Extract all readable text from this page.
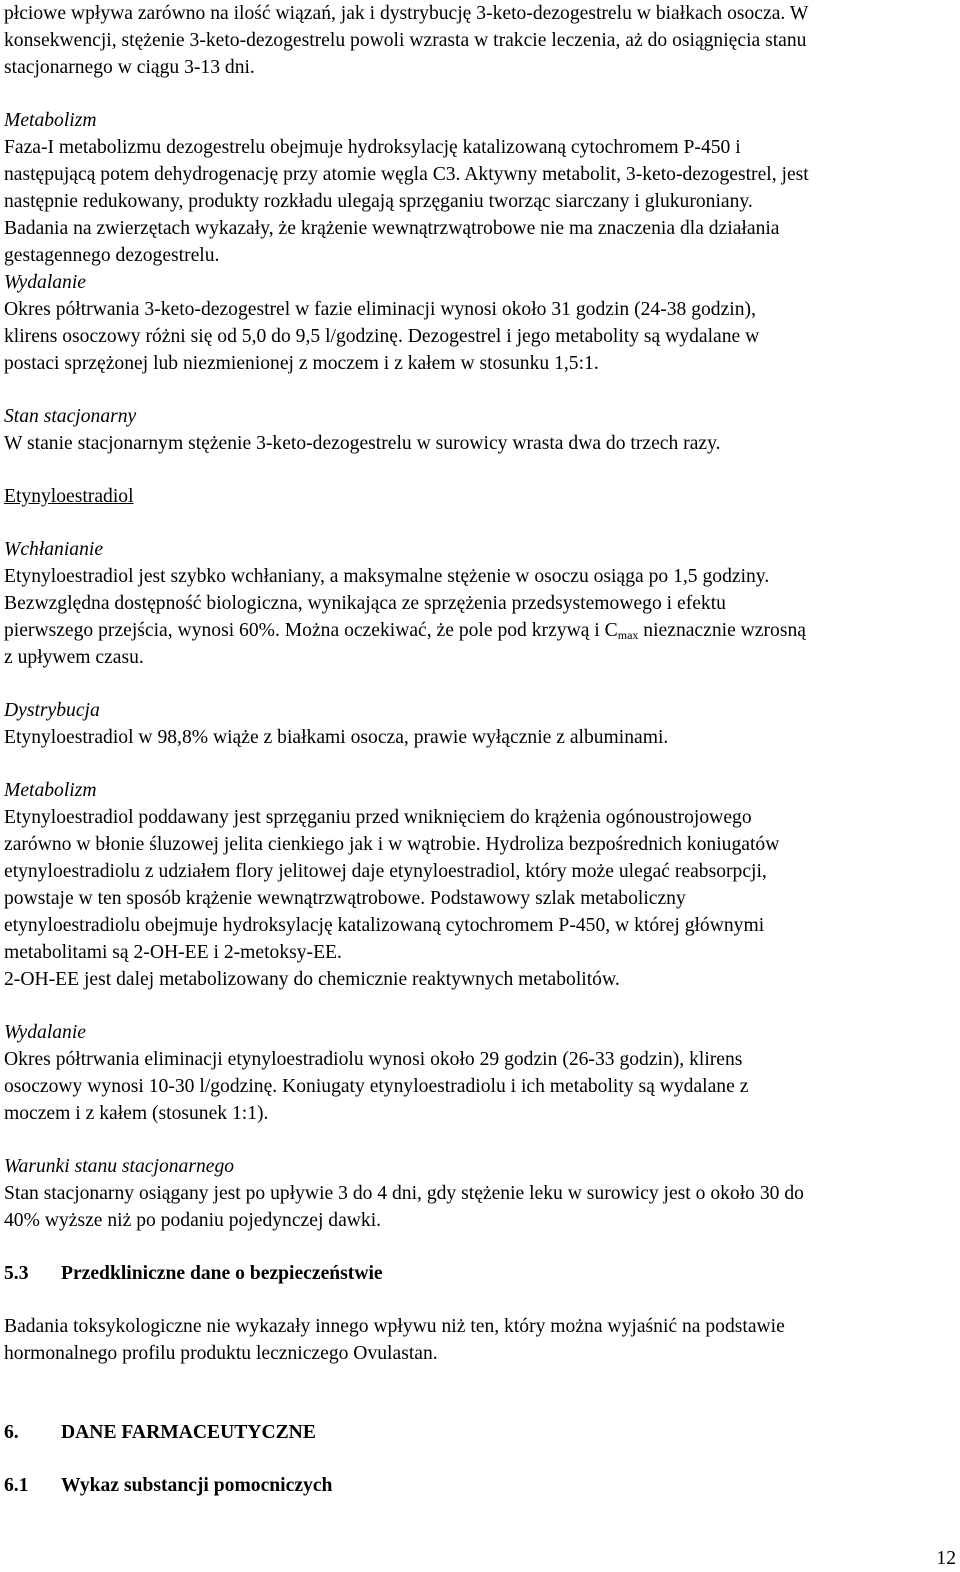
płciowe wpływa zarówno na ilość wiązań, jak i dystrybucję 3-keto-dezogestrelu w białkach osocza. W

konsekwencji, stężenie 3-keto-dezogestrelu powoli wzrasta w trakcie leczenia, aż do osiągnięcia stanu

stacjonarnego w ciągu 3-13 dni.

Metabolizm

Faza-I metabolizmu dezogestrelu obejmuje hydroksylację katalizowaną cytochromem P-450 i

następującą potem dehydrogenację przy atomie węgla C3. Aktywny metabolit, 3-keto-dezogestrel, jest

następnie redukowany, produkty rozkładu ulegają sprzęganiu tworząc siarczany i glukuroniany.

Badania na zwierzętach wykazały, że krążenie wewnątrzwątrobowe nie ma znaczenia dla działania

gestagennego dezogestrelu.

Wydalanie

Okres półtrwania 3-keto-dezogestrel w fazie eliminacji wynosi około 31 godzin (24-38 godzin),

klirens osoczowy różni się od 5,0 do 9,5 l/godzinę. Dezogestrel i jego metabolity są wydalane w

postaci sprzężonej lub niezmienionej z moczem i z kałem w stosunku 1,5:1.

Stan stacjonarny

W stanie stacjonarnym stężenie 3-keto-dezogestrelu w surowicy wrasta dwa do trzech razy.

Etynyloestradiol

Wchłanianie

Etynyloestradiol jest szybko wchłaniany, a maksymalne stężenie w osoczu osiąga po 1,5 godziny.

Bezwzględna dostępność biologiczna, wynikająca ze sprzężenia przedsystemowego i efektu

pierwszego przejścia, wynosi 60%. Można oczekiwać, że pole pod krzywą i $C_{max}$ nieznacznie wzrosną

z upływem czasu.

Dystrybucja

Etynyloestradiol w 98,8% wiąże z białkami osocza, prawie wyłącznie z albuminami.

Metabolizm

Etynyloestradiol poddawany jest sprzęganiu przed wniknięciem do krążenia ogónoustrojowego

zarówno w błonie śluzowej jelita cienkiego jak i w wątrobie. Hydroliza bezpośrednich koniugatów

etynyloestradiolu z udziałem flory jelitowej daje etynyloestradiol, który może ulegać reabsorpcji,

powstaje w ten sposób krążenie wewnątrzwątrobowe. Podstawowy szlak metaboliczny

etynyloestradiolu obejmuje hydroksylację katalizowaną cytochromem P-450, w której głównymi

metabolitami są 2-OH-EE i 2-metoksy-EE.

2-OH-EE jest dalej metabolizowany do chemicznie reaktywnych metabolitów.

Wydalanie

Okres półtrwania eliminacji etynyloestradiolu wynosi około 29 godzin (26-33 godzin), klirens

osoczowy wynosi 10-30 l/godzinę. Koniugaty etynyloestradiolu i ich metabolity są wydalane z

moczem i z kałem (stosunek 1:1).

Warunki stanu stacjonarnego

Stan stacjonarny osiągany jest po upływie 3 do 4 dni, gdy stężenie leku w surowicy jest o około 30 do

40% wyższe niż po podaniu pojedynczej dawki.

5.3 Przedkliniczne dane o bezpieczeństwie

Badania toksykologiczne nie wykazały innego wpływu niż ten, który można wyjaśnić na podstawie

hormonalnego profilu produktu leczniczego Ovulastan.

6. DANE FARMACEUTYCZNE

6.1 Wykaz substancji pomocniczych

12
